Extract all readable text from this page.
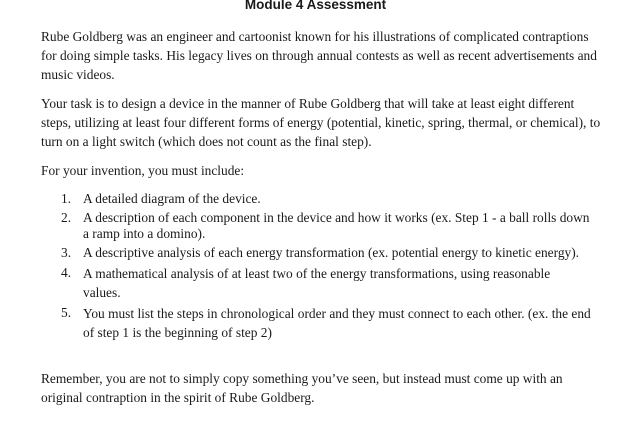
Module 4 Assessment

Rube Goldberg was an engineer and cartoonist known for his illustrations of complicated contraptions for doing simple tasks. His legacy lives on through annual contests as well as recent advertisements and music videos.

Your task is to design a device in the manner of Rube Goldberg that will take at least eight different steps, utilizing at least four different forms of energy (potential, kinetic, spring, thermal, or chemical), to turn on a light switch (which does not count as the final step).

For your invention, you must include:

1. A detailed diagram of the device.
2. A description of each component in the device and how it works (ex. Step 1 - a ball rolls down a ramp into a domino).
3. A descriptive analysis of each energy transformation (ex. potential energy to kinetic energy).
4. A mathematical analysis of at least two of the energy transformations, using reasonable values.
5. You must list the steps in chronological order and they must connect to each other. (ex. the end of step 1 is the beginning of step 2)

Remember, you are not to simply copy something you’ve seen, but instead must come up with an original contraption in the spirit of Rube Goldberg.
